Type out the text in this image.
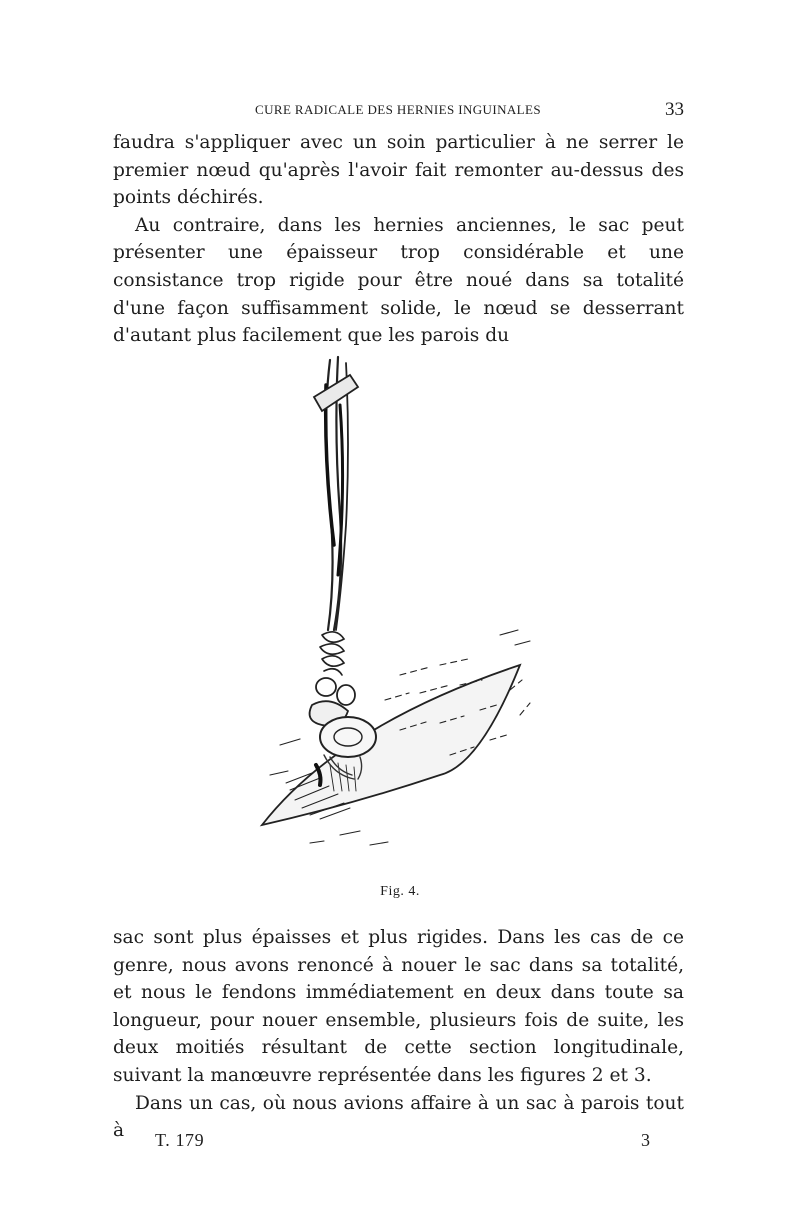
CURE RADICALE DES HERNIES INGUINALES	33

faudra s'appliquer avec un soin particulier à ne serrer le premier nœud qu'après l'avoir fait remonter au-dessus des points déchirés.

Au contraire, dans les hernies anciennes, le sac peut présenter une épaisseur trop considérable et une consistance trop rigide pour être noué dans sa totalité d'une façon suffisamment solide, le nœud se desserrant d'autant plus facilement que les parois du

Fig. 4.

sac sont plus épaisses et plus rigides. Dans les cas de ce genre, nous avons renoncé à nouer le sac dans sa totalité, et nous le fendons immédiatement en deux dans toute sa longueur, pour nouer ensemble, plusieurs fois de suite, les deux moitiés résultant de cette section longitudinale, suivant la manœuvre représentée dans les figures 2 et 3.

Dans un cas, où nous avions affaire à un sac à parois tout à	T. 179	3
